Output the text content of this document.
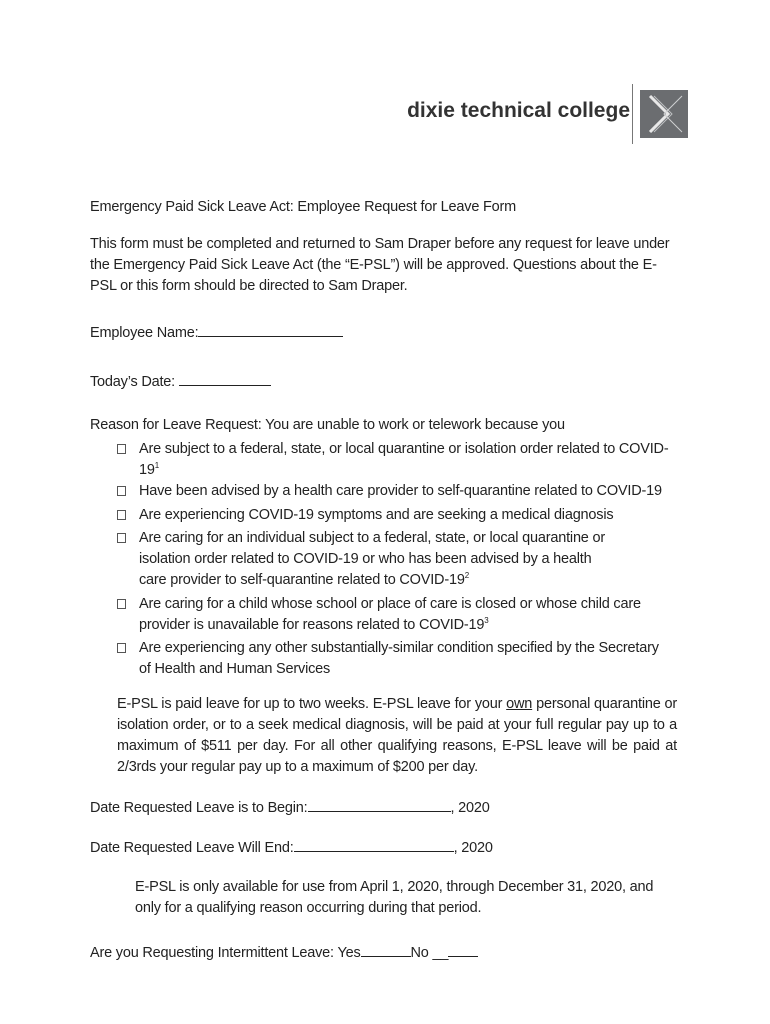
dixie technical college
Emergency Paid Sick Leave Act: Employee Request for Leave Form
This form must be completed and returned to Sam Draper before any request for leave under the Emergency Paid Sick Leave Act (the “E-PSL”) will be approved. Questions about the E-PSL or this form should be directed to Sam Draper.
Employee Name:
Today’s Date:
Reason for Leave Request: You are unable to work or telework because you
Are subject to a federal, state, or local quarantine or isolation order related to COVID-$19^1$
Have been advised by a health care provider to self-quarantine related to COVID-19
Are experiencing COVID-19 symptoms and are seeking a medical diagnosis
Are caring for an individual subject to a federal, state, or local quarantine or isolation order related to COVID-19 or who has been advised by a health care provider to self-quarantine related to COVID-$19^2$
Are caring for a child whose school or place of care is closed or whose child care provider is unavailable for reasons related to COVID-$19^3$
Are experiencing any other substantially-similar condition specified by the Secretary of Health and Human Services
E-PSL is paid leave for up to two weeks. E-PSL leave for your own personal quarantine or isolation order, or to a seek medical diagnosis, will be paid at your full regular pay up to a maximum of $511 per day. For all other qualifying reasons, E-PSL leave will be paid at 2/3rds your regular pay up to a maximum of $200 per day.
Date Requested Leave is to Begin:	, 2020
Date Requested Leave Will End:	, 2020
E-PSL is only available for use from April 1, 2020, through December 31, 2020, and only for a qualifying reason occurring during that period.
Are you Requesting Intermittent Leave: Yes	No __
